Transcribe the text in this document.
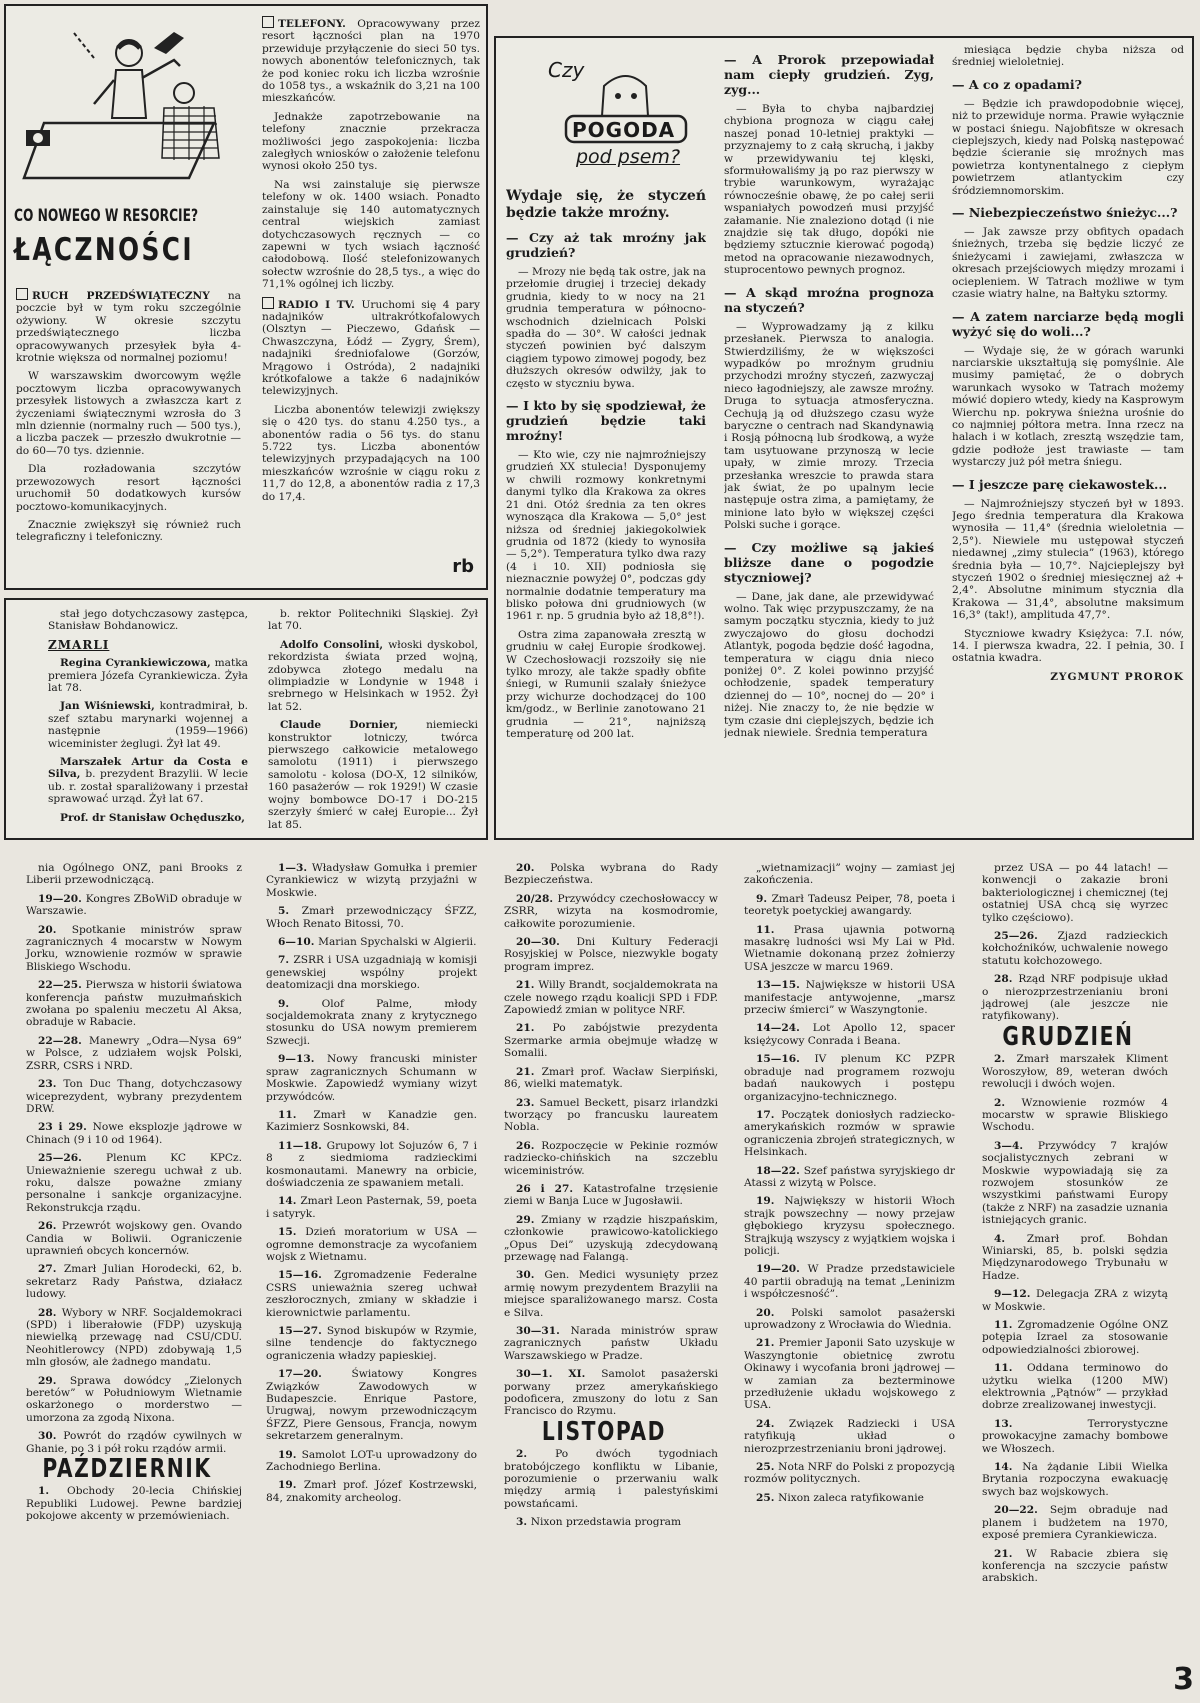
CO NOWEGO W RESORCIE?
ŁĄCZNOŚCI

RUCH PRZEDŚWIĄTECZNY na poczcie był w tym roku szczególnie ożywiony. W okresie szczytu przedświątecznego liczba opracowywanych przesyłek była 4-krotnie większa od normalnej poziomu!

W warszawskim dworcowym węźle pocztowym liczba opracowywanych przesyłek listowych a zwłaszcza kart z życzeniami świątecznymi wzrosła do 3 mln dziennie (normalny ruch — 500 tys.), a liczba paczek — przeszło dwukrotnie — do 60—70 tys. dziennie.

Dla rozładowania szczytów przewozowych resort łączności uruchomił 50 dodatkowych kursów pocztowo-komunikacyjnych.

Znacznie zwiększył się również ruch telegraficzny i telefoniczny.

TELEFONY. Opracowywany przez resort łączności plan na 1970 przewiduje przyłączenie do sieci 50 tys. nowych abonentów telefonicznych, tak że pod koniec roku ich liczba wzrośnie do 1058 tys., a wskaźnik do 3,21 na 100 mieszkańców.

Jednakże zapotrzebowanie na telefony znacznie przekracza możliwości jego zaspokojenia: liczba zaległych wniosków o założenie telefonu wynosi około 250 tys.

Na wsi zainstaluje się pierwsze telefony w ok. 1400 wsiach. Ponadto zainstaluje się 140 automatycznych central wiejskich zamiast dotychczasowych ręcznych — co zapewni w tych wsiach łączność całodobową. Ilość stelefonizowanych sołectw wzrośnie do 28,5 tys., a więc do 71,1% ogólnej ich liczby.

RADIO I TV. Uruchomi się 4 pary nadajników ultrakrótkofalowych (Olsztyn — Pieczewo, Gdańsk — Chwaszczyna, Łódź — Zygry, Śrem), nadajniki średniofalowe (Gorzów, Mrągowo i Ostróda), 2 nadajniki krótkofalowe a także 6 nadajników telewizyjnych.

Liczba abonentów telewizji zwiększy się o 420 tys. do stanu 4.250 tys., a abonentów radia o 56 tys. do stanu 5.722 tys. Liczba abonentów telewizyjnych przypadających na 100 mieszkańców wzrośnie w ciągu roku z 11,7 do 12,8, a abonentów radia z 17,3 do 17,4.

rb

stał jego dotychczasowy zastępca, Stanisław Bohdanowicz.

ZMARLI

Regina Cyrankiewiczowa, matka premiera Józefa Cyrankiewicza. Żyła lat 78.

Jan Wiśniewski, kontradmirał, b. szef sztabu marynarki wojennej a następnie (1959—1966) wiceminister żeglugi. Żył lat 49.

Marszałek Artur da Costa e Silva, b. prezydent Brazylii. W lecie ub. r. został sparaliżowany i przestał sprawować urząd. Żył lat 67.

Prof. dr Stanisław Ochęduszko,

b. rektor Politechniki Śląskiej. Żył lat 70.

Adolfo Consolini, włoski dyskobol, rekordzista świata przed wojną, zdobywca złotego medalu na olimpiadzie w Londynie w 1948 i srebrnego w Helsinkach w 1952. Żył lat 52.

Claude Dornier, niemiecki konstruktor lotniczy, twórca pierwszego całkowicie metalowego samolotu (1911) i pierwszego samolotu - kolosa (DO-X, 12 silników, 160 pasażerów — rok 1929!) W czasie wojny bombowce DO-17 i DO-215 szerzyły śmierć w całej Europie... Żył lat 85.

Czy
POGODA
pod psem?

Wydaje się, że styczeń będzie także mroźny.

— Czy aż tak mroźny jak grudzień?

— Mrozy nie będą tak ostre, jak na przełomie drugiej i trzeciej dekady grudnia, kiedy to w nocy na 21 grudnia temperatura w północno-wschodnich dzielnicach Polski spadła do — 30°. W całości jednak styczeń powinien być dalszym ciągiem typowo zimowej pogody, bez dłuższych okresów odwilży, jak to często w styczniu bywa.

— I kto by się spodziewał, że grudzień będzie taki mroźny!

— Kto wie, czy nie najmroźniejszy grudzień XX stulecia! Dysponujemy w chwili rozmowy konkretnymi danymi tylko dla Krakowa za okres 21 dni. Otóż średnia za ten okres wynosząca dla Krakowa — 5,0° jest niższa od średniej jakiegokolwiek grudnia od 1872 (kiedy to wynosiła — 5,2°). Temperatura tylko dwa razy (4 i 10. XII) podniosła się nieznacznie powyżej 0°, podczas gdy normalnie dodatnie temperatury ma blisko połowa dni grudniowych (w 1961 r. np. 5 grudnia było aż 18,8°!).

Ostra zima zapanowała zresztą w grudniu w całej Europie środkowej. W Czechosłowacji rozszoiły się nie tylko mrozy, ale także spadły obfite śniegi, w Rumunii szalały śnieżyce przy wichurze dochodzącej do 100 km/godz., w Berlinie zanotowano 21 grudnia — 21°, najniższą temperaturę od 200 lat.

— A Prorok przepowiadał nam ciepły grudzień. Zyg, zyg...

— Była to chyba najbardziej chybiona prognoza w ciągu całej naszej ponad 10-letniej praktyki — przyznajemy to z całą skruchą, i jakby w przewidywaniu tej klęski, sformułowaliśmy ją po raz pierwszy w trybie warunkowym, wyrażając równocześnie obawę, że po całej serii wspaniałych powodzeń musi przyjść załamanie. Nie znaleziono dotąd (i nie znajdzie się tak długo, dopóki nie będziemy sztucznie kierować pogodą) metod na opracowanie niezawodnych, stuprocentowo pewnych prognoz.

— A skąd mroźna prognoza na styczeń?

— Wyprowadzamy ją z kilku przesłanek. Pierwsza to analogia. Stwierdziliśmy, że w większości wypadków po mroźnym grudniu przychodzi mroźny styczeń, zazwyczaj nieco łagodniejszy, ale zawsze mroźny. Druga to sytuacja atmosferyczna. Cechują ją od dłuższego czasu wyże baryczne o centrach nad Skandynawią i Rosją północną lub środkową, a wyże tam usytuowane przynoszą w lecie upały, w zimie mrozy. Trzecia przesłanka wreszcie to prawda stara jak świat, że po upalnym lecie następuje ostra zima, a pamiętamy, że minione lato było w większej części Polski suche i gorące.

— Czy możliwe są jakieś bliższe dane o pogodzie styczniowej?

— Dane, jak dane, ale przewidywać wolno. Tak więc przypuszczamy, że na samym początku stycznia, kiedy to już zwyczajowo do głosu dochodzi Atlantyk, pogoda będzie dość łagodna, temperatura w ciągu dnia nieco poniżej 0°. Z kolei powinno przyjść ochłodzenie, spadek temperatury dziennej do — 10°, nocnej do — 20° i niżej. Nie znaczy to, że nie będzie w tym czasie dni cieplejszych, będzie ich jednak niewiele. Średnia temperatura

miesiąca będzie chyba niższa od średniej wieloletniej.

— A co z opadami?

— Będzie ich prawdopodobnie więcej, niż to przewiduje norma. Prawie wyłącznie w postaci śniegu. Najobfitsze w okresach cieplejszych, kiedy nad Polską następować będzie ścieranie się mroźnych mas powietrza kontynentalnego z ciepłym powietrzem atlantyckim czy śródziemnomorskim.

— Niebezpieczeństwo śnieżyc...?

— Jak zawsze przy obfitych opadach śnieżnych, trzeba się będzie liczyć ze śnieżycami i zawiejami, zwłaszcza w okresach przejściowych między mrozami i ociepleniem. W Tatrach możliwe w tym czasie wiatry halne, na Bałtyku sztormy.

— A zatem narciarze będą mogli wyżyć się do woli...?

— Wydaje się, że w górach warunki narciarskie ukształtują się pomyślnie. Ale musimy pamiętać, że o dobrych warunkach wysoko w Tatrach możemy mówić dopiero wtedy, kiedy na Kasprowym Wierchu np. pokrywa śnieżna urośnie do co najmniej półtora metra. Inna rzecz na halach i w kotlach, zresztą wszędzie tam, gdzie podłoże jest trawiaste — tam wystarczy już pół metra śniegu.

— I jeszcze parę ciekawostek...

— Najmroźniejszy styczeń był w 1893. Jego średnia temperatura dla Krakowa wynosiła — 11,4° (średnia wieloletnia — 2,5°). Niewiele mu ustępował styczeń niedawnej „zimy stulecia” (1963), którego średnia była — 10,7°. Najcieplejszy był styczeń 1902 o średniej miesięcznej aż + 2,4°. Absolutne minimum stycznia dla Krakowa — 31,4°, absolutne maksimum 16,3° (tak!), amplituda 47,7°.

Styczniowe kwadry Księżyca: 7.I. nów, 14. I pierwsza kwadra, 22. I pełnia, 30. I ostatnia kwadra.

ZYGMUNT PROROK

nia Ogólnego ONZ, pani Brooks z Liberii przewodniczącą.

19—20. Kongres ZBoWiD obraduje w Warszawie.

20. Spotkanie ministrów spraw zagranicznych 4 mocarstw w Nowym Jorku, wznowienie rozmów w sprawie Bliskiego Wschodu.

22—25. Pierwsza w historii światowa konferencja państw muzułmańskich zwołana po spaleniu meczetu Al Aksa, obraduje w Rabacie.

22—28. Manewry „Odra—Nysa 69” w Polsce, z udziałem wojsk Polski, ZSRR, CSRS i NRD.

23. Ton Duc Thang, dotychczasowy wiceprezydent, wybrany prezydentem DRW.

23 i 29. Nowe eksplozje jądrowe w Chinach (9 i 10 od 1964).

25—26. Plenum KC KPCz. Unieważnienie szeregu uchwał z ub. roku, dalsze poważne zmiany personalne i sankcje organizacyjne. Rekonstrukcja rządu.

26. Przewrót wojskowy gen. Ovando Candia w Boliwii. Ograniczenie uprawnień obcych koncernów.

27. Zmarł Julian Horodecki, 62, b. sekretarz Rady Państwa, działacz ludowy.

28. Wybory w NRF. Socjaldemokraci (SPD) i liberałowie (FDP) uzyskują niewielką przewagę nad CSU/CDU. Neohitlerowcy (NPD) zdobywają 1,5 mln głosów, ale żadnego mandatu.

29. Sprawa dowódcy „Zielonych beretów” w Południowym Wietnamie oskarżonego o morderstwo — umorzona za zgodą Nixona.

30. Powrót do rządów cywilnych w Ghanie, po 3 i pół roku rządów armii.

PAŹDZIERNIK

1. Obchody 20-lecia Chińskiej Republiki Ludowej. Pewne bardziej pokojowe akcenty w przemówieniach.

1—3. Władysław Gomułka i premier Cyrankiewicz w wizytą przyjaźni w Moskwie.

5. Zmarł przewodniczący ŚFZZ, Włoch Renato Bitossi, 70.

6—10. Marian Spychalski w Algierii.

7. ZSRR i USA uzgadniają w komisji genewskiej wspólny projekt deatomizacji dna morskiego.

9. Olof Palme, młody socjaldemokrata znany z krytycznego stosunku do USA nowym premierem Szwecji.

9—13. Nowy francuski minister spraw zagranicznych Schumann w Moskwie. Zapowiedź wymiany wizyt przywódców.

11. Zmarł w Kanadzie gen. Kazimierz Sosnkowski, 84.

11—18. Grupowy lot Sojuzów 6, 7 i 8 z siedmioma radzieckimi kosmonautami. Manewry na orbicie, doświadczenia ze spawaniem metali.

14. Zmarł Leon Pasternak, 59, poeta i satyryk.

15. Dzień moratorium w USA — ogromne demonstracje za wycofaniem wojsk z Wietnamu.

15—16. Zgromadzenie Federalne CSRS unieważnia szereg uchwał zeszłorocznych, zmiany w składzie i kierownictwie parlamentu.

15—27. Synod biskupów w Rzymie, silne tendencje do faktycznego ograniczenia władzy papieskiej.

17—20. Światowy Kongres Związków Zawodowych w Budapeszcie. Enrique Pastore, Urugwaj, nowym przewodniczącym ŚFZZ, Piere Gensous, Francja, nowym sekretarzem generalnym.

19. Samolot LOT-u uprowadzony do Zachodniego Berlina.

19. Zmarł prof. Józef Kostrzewski, 84, znakomity archeolog.

20. Polska wybrana do Rady Bezpieczeństwa.

20/28. Przywódcy czechosłowaccy w ZSRR, wizyta na kosmodromie, całkowite porozumienie.

20—30. Dni Kultury Federacji Rosyjskiej w Polsce, niezwykle bogaty program imprez.

21. Willy Brandt, socjaldemokrata na czele nowego rządu koalicji SPD i FDP. Zapowiedź zmian w polityce NRF.

21. Po zabójstwie prezydenta Szermarke armia obejmuje władzę w Somalii.

21. Zmarł prof. Wacław Sierpiński, 86, wielki matematyk.

23. Samuel Beckett, pisarz irlandzki tworzący po francusku laureatem Nobla.

26. Rozpoczęcie w Pekinie rozmów radziecko-chińskich na szczeblu wiceministrów.

26 i 27. Katastrofalne trzęsienie ziemi w Banja Luce w Jugosławii.

29. Zmiany w rządzie hiszpańskim, członkowie prawicowo-katolickiego „Opus Dei” uzyskują zdecydowaną przewagę nad Falangą.

30. Gen. Medici wysunięty przez armię nowym prezydentem Brazylii na miejsce sparaliżowanego marsz. Costa e Silva.

30—31. Narada ministrów spraw zagranicznych państw Układu Warszawskiego w Pradze.

30—1. XI. Samolot pasażerski porwany przez amerykańskiego podoficera, zmuszony do lotu z San Francisco do Rzymu.

LISTOPAD

2. Po dwóch tygodniach bratobójczego konfliktu w Libanie, porozumienie o przerwaniu walk między armią i palestyńskimi powstańcami.

3. Nixon przedstawia program

„wietnamizacji” wojny — zamiast jej zakończenia.

9. Zmarł Tadeusz Peiper, 78, poeta i teoretyk poetyckiej awangardy.

11. Prasa ujawnia potworną masakrę ludności wsi My Lai w Płd. Wietnamie dokonaną przez żołnierzy USA jeszcze w marcu 1969.

13—15. Największe w historii USA manifestacje antywojenne, „marsz przeciw śmierci” w Waszyngtonie.

14—24. Lot Apollo 12, spacer księżycowy Conrada i Beana.

15—16. IV plenum KC PZPR obraduje nad programem rozwoju badań naukowych i postępu organizacyjno-technicznego.

17. Początek doniosłych radziecko-amerykańskich rozmów w sprawie ograniczenia zbrojeń strategicznych, w Helsinkach.

18—22. Szef państwa syryjskiego dr Atassi z wizytą w Polsce.

19. Największy w historii Włoch strajk powszechny — nowy przejaw głębokiego kryzysu społecznego. Strajkują wszyscy z wyjątkiem wojska i policji.

19—20. W Pradze przedstawiciele 40 partii obradują na temat „Leninizm i współczesność”.

20. Polski samolot pasażerski uprowadzony z Wrocławia do Wiednia.

21. Premier Japonii Sato uzyskuje w Waszyngtonie obietnicę zwrotu Okinawy i wycofania broni jądrowej — w zamian za bezterminowe przedłużenie układu wojskowego z USA.

24. Związek Radziecki i USA ratyfikują układ o nierozprzestrzenianiu broni jądrowej.

25. Nota NRF do Polski z propozycją rozmów politycznych.

25. Nixon zaleca ratyfikowanie

przez USA — po 44 latach! — konwencji o zakazie broni bakteriologicznej i chemicznej (tej ostatniej USA chcą się wyrzec tylko częściowo).

25—26. Zjazd radzieckich kołchoźników, uchwalenie nowego statutu kołchozowego.

28. Rząd NRF podpisuje układ o nierozprzestrzenianiu broni jądrowej (ale jeszcze nie ratyfikowany).

GRUDZIEŃ

2. Zmarł marszałek Kliment Woroszyłow, 89, weteran dwóch rewolucji i dwóch wojen.

2. Wznowienie rozmów 4 mocarstw w sprawie Bliskiego Wschodu.

3—4. Przywódcy 7 krajów socjalistycznych zebrani w Moskwie wypowiadają się za rozwojem stosunków ze wszystkimi państwami Europy (także z NRF) na zasadzie uznania istniejących granic.

4. Zmarł prof. Bohdan Winiarski, 85, b. polski sędzia Międzynarodowego Trybunału w Hadze.

9—12. Delegacja ZRA z wizytą w Moskwie.

11. Zgromadzenie Ogólne ONZ potępia Izrael za stosowanie odpowiedzialności zbiorowej.

11. Oddana terminowo do użytku wielka (1200 MW) elektrownia „Pątnów” — przykład dobrze zrealizowanej inwestycji.

13. Terrorystyczne prowokacyjne zamachy bombowe we Włoszech.

14. Na żądanie Libii Wielka Brytania rozpoczyna ewakuację swych baz wojskowych.

20—22. Sejm obraduje nad planem i budżetem na 1970, exposé premiera Cyrankiewicza.

21. W Rabacie zbiera się konferencja na szczycie państw arabskich.

3
